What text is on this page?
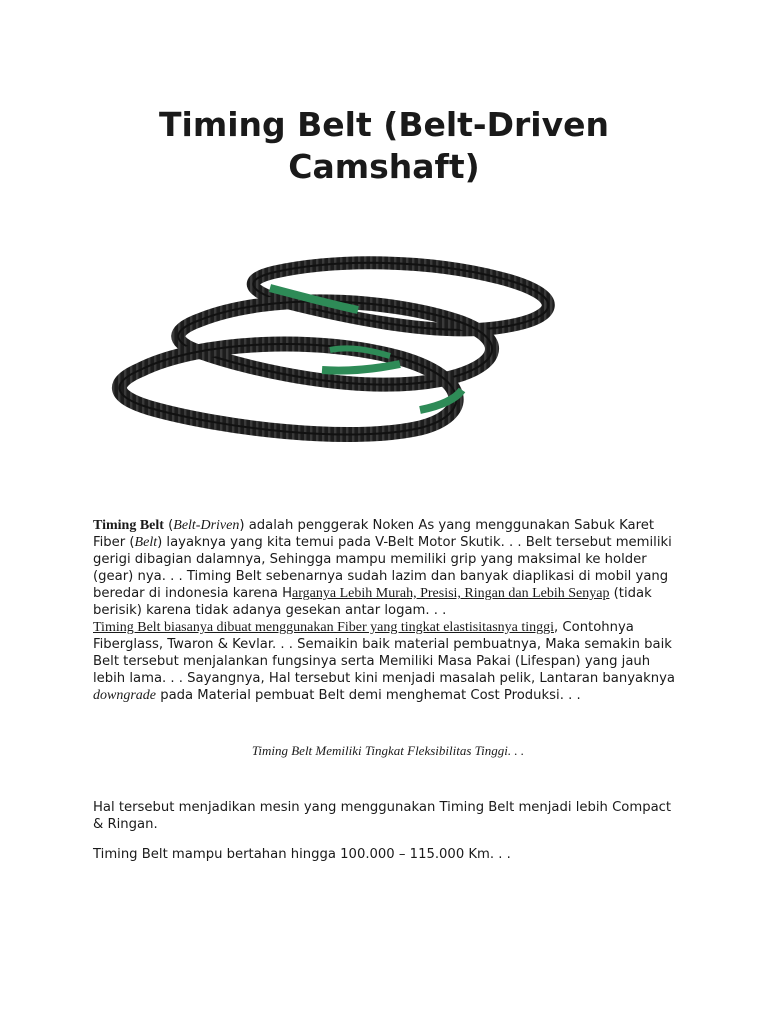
Timing Belt (Belt-Driven
Camshaft)
Timing Belt (Belt-Driven) adalah penggerak Noken As yang menggunakan Sabuk Karet Fiber (Belt) layaknya yang kita temui pada V-Belt Motor Skutik. . . Belt tersebut memiliki gerigi dibagian dalamnya, Sehingga mampu memiliki grip yang maksimal ke holder (gear) nya. . . Timing Belt sebenarnya sudah lazim dan banyak diaplikasi di mobil yang beredar di indonesia karena Harganya Lebih Murah, Presisi, Ringan dan Lebih Senyap (tidak berisik) karena tidak adanya gesekan antar logam. . .
Timing Belt biasanya dibuat menggunakan Fiber yang tingkat elastisitasnya tinggi, Contohnya Fiberglass, Twaron & Kevlar. . . Semaikin baik material pembuatnya, Maka semakin baik Belt tersebut menjalankan fungsinya serta Memiliki Masa Pakai (Lifespan) yang jauh lebih lama. . . Sayangnya, Hal tersebut kini menjadi masalah pelik, Lantaran banyaknya downgrade pada Material pembuat Belt demi menghemat Cost Produksi. . .
Timing Belt Memiliki Tingkat Fleksibilitas Tinggi. . .
Hal tersebut menjadikan mesin yang menggunakan Timing Belt menjadi lebih Compact & Ringan.
Timing Belt mampu bertahan hingga 100.000 – 115.000 Km. . .
